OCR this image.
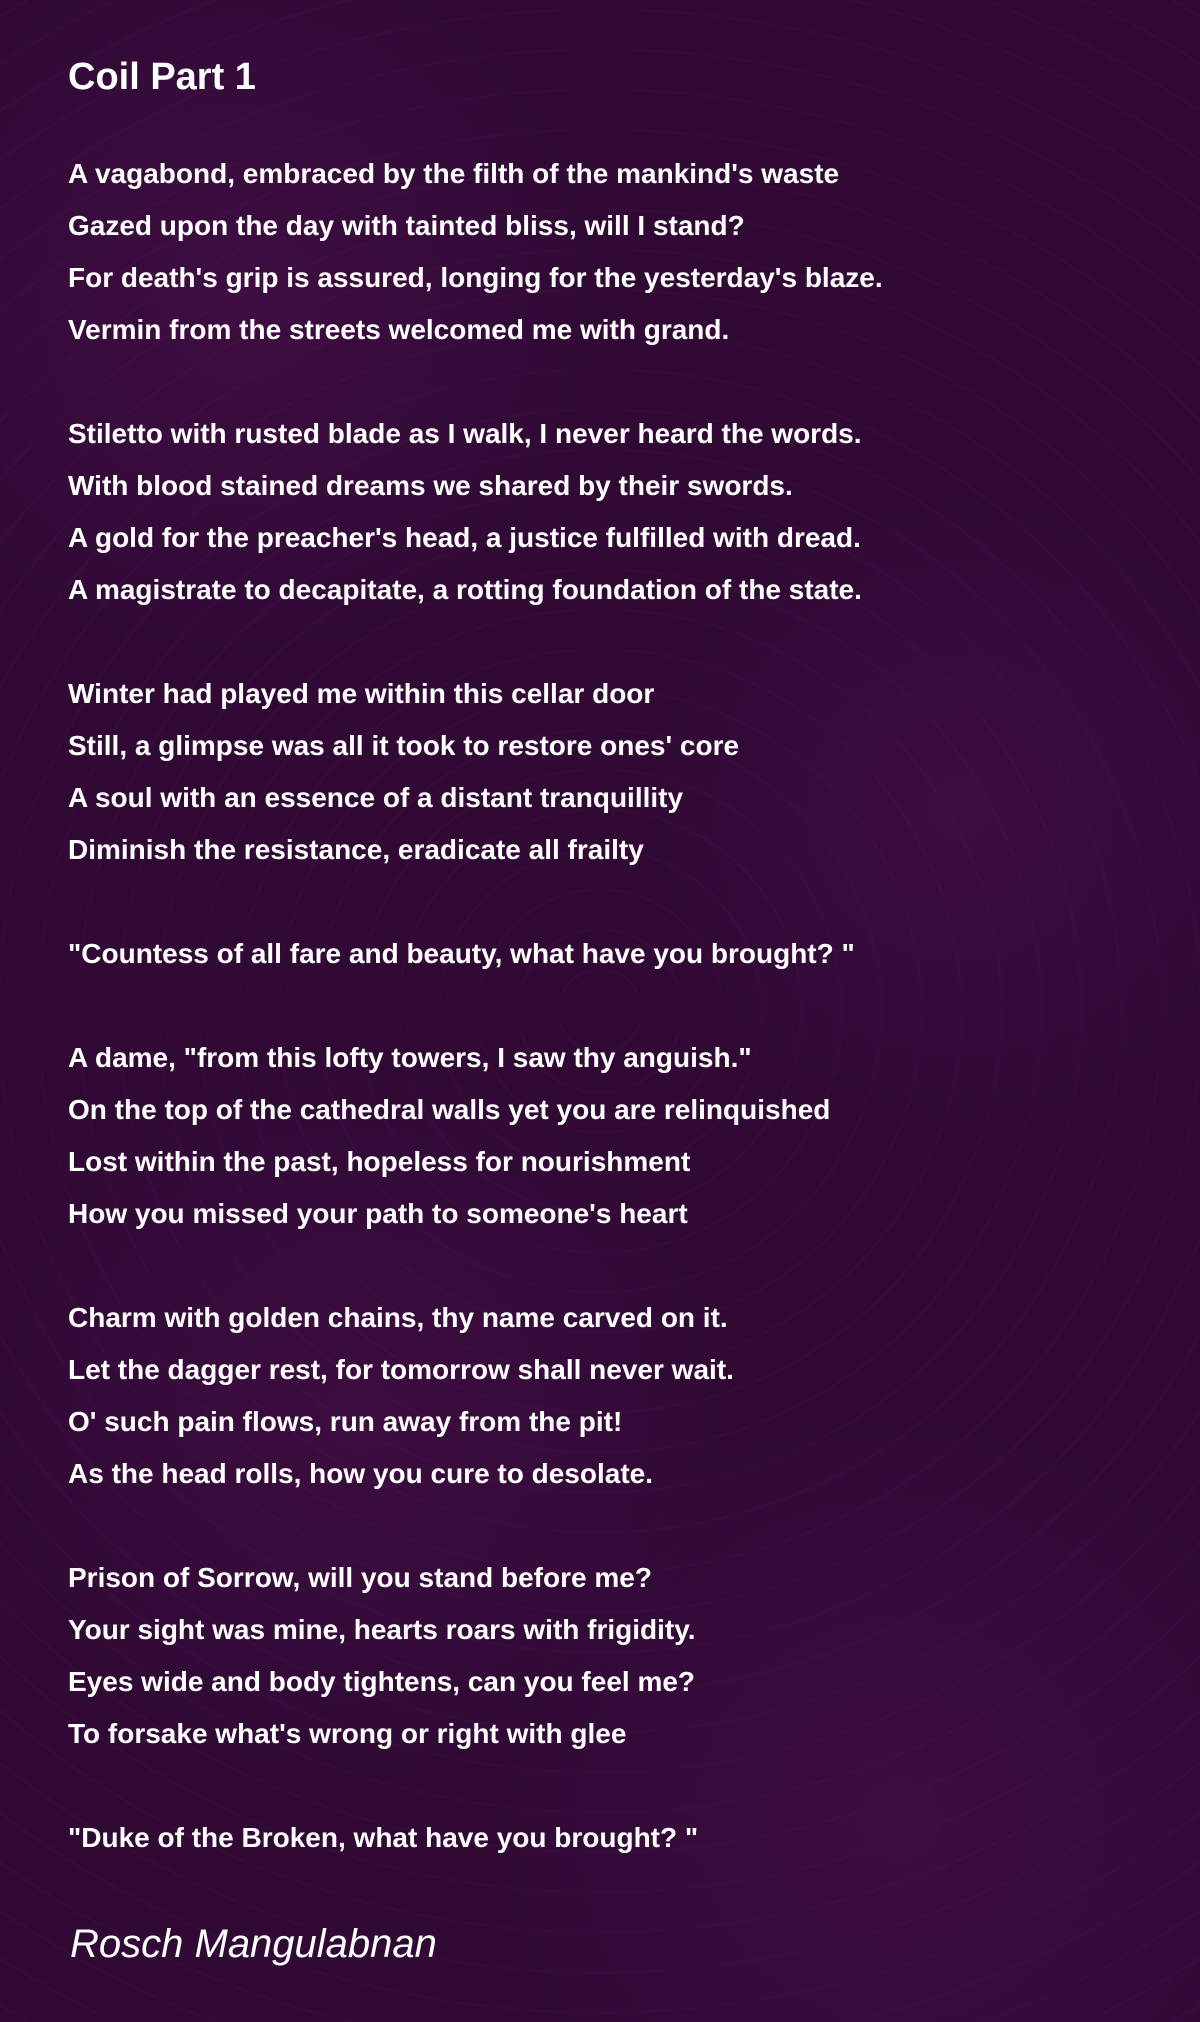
Coil Part 1
A vagabond, embraced by the filth of the mankind's waste
Gazed upon the day with tainted bliss, will I stand?
For death's grip is assured, longing for the yesterday's blaze.
Vermin from the streets welcomed me with grand.
Stiletto with rusted blade as I walk, I never heard the words.
With blood stained dreams we shared by their swords.
A gold for the preacher's head, a justice fulfilled with dread.
A magistrate to decapitate, a rotting foundation of the state.
Winter had played me within this cellar door
Still, a glimpse was all it took to restore ones' core
A soul with an essence of a distant tranquillity
Diminish the resistance, eradicate all frailty
"Countess of all fare and beauty, what have you brought? "
A dame, "from this lofty towers, I saw thy anguish."
On the top of the cathedral walls yet you are relinquished
Lost within the past, hopeless for nourishment
How you missed your path to someone's heart
Charm with golden chains, thy name carved on it.
Let the dagger rest, for tomorrow shall never wait.
O' such pain flows, run away from the pit!
As the head rolls, how you cure to desolate.
Prison of Sorrow, will you stand before me?
Your sight was mine, hearts roars with frigidity.
Eyes wide and body tightens, can you feel me?
To forsake what's wrong or right with glee
"Duke of the Broken, what have you brought? "
Rosch Mangulabnan
